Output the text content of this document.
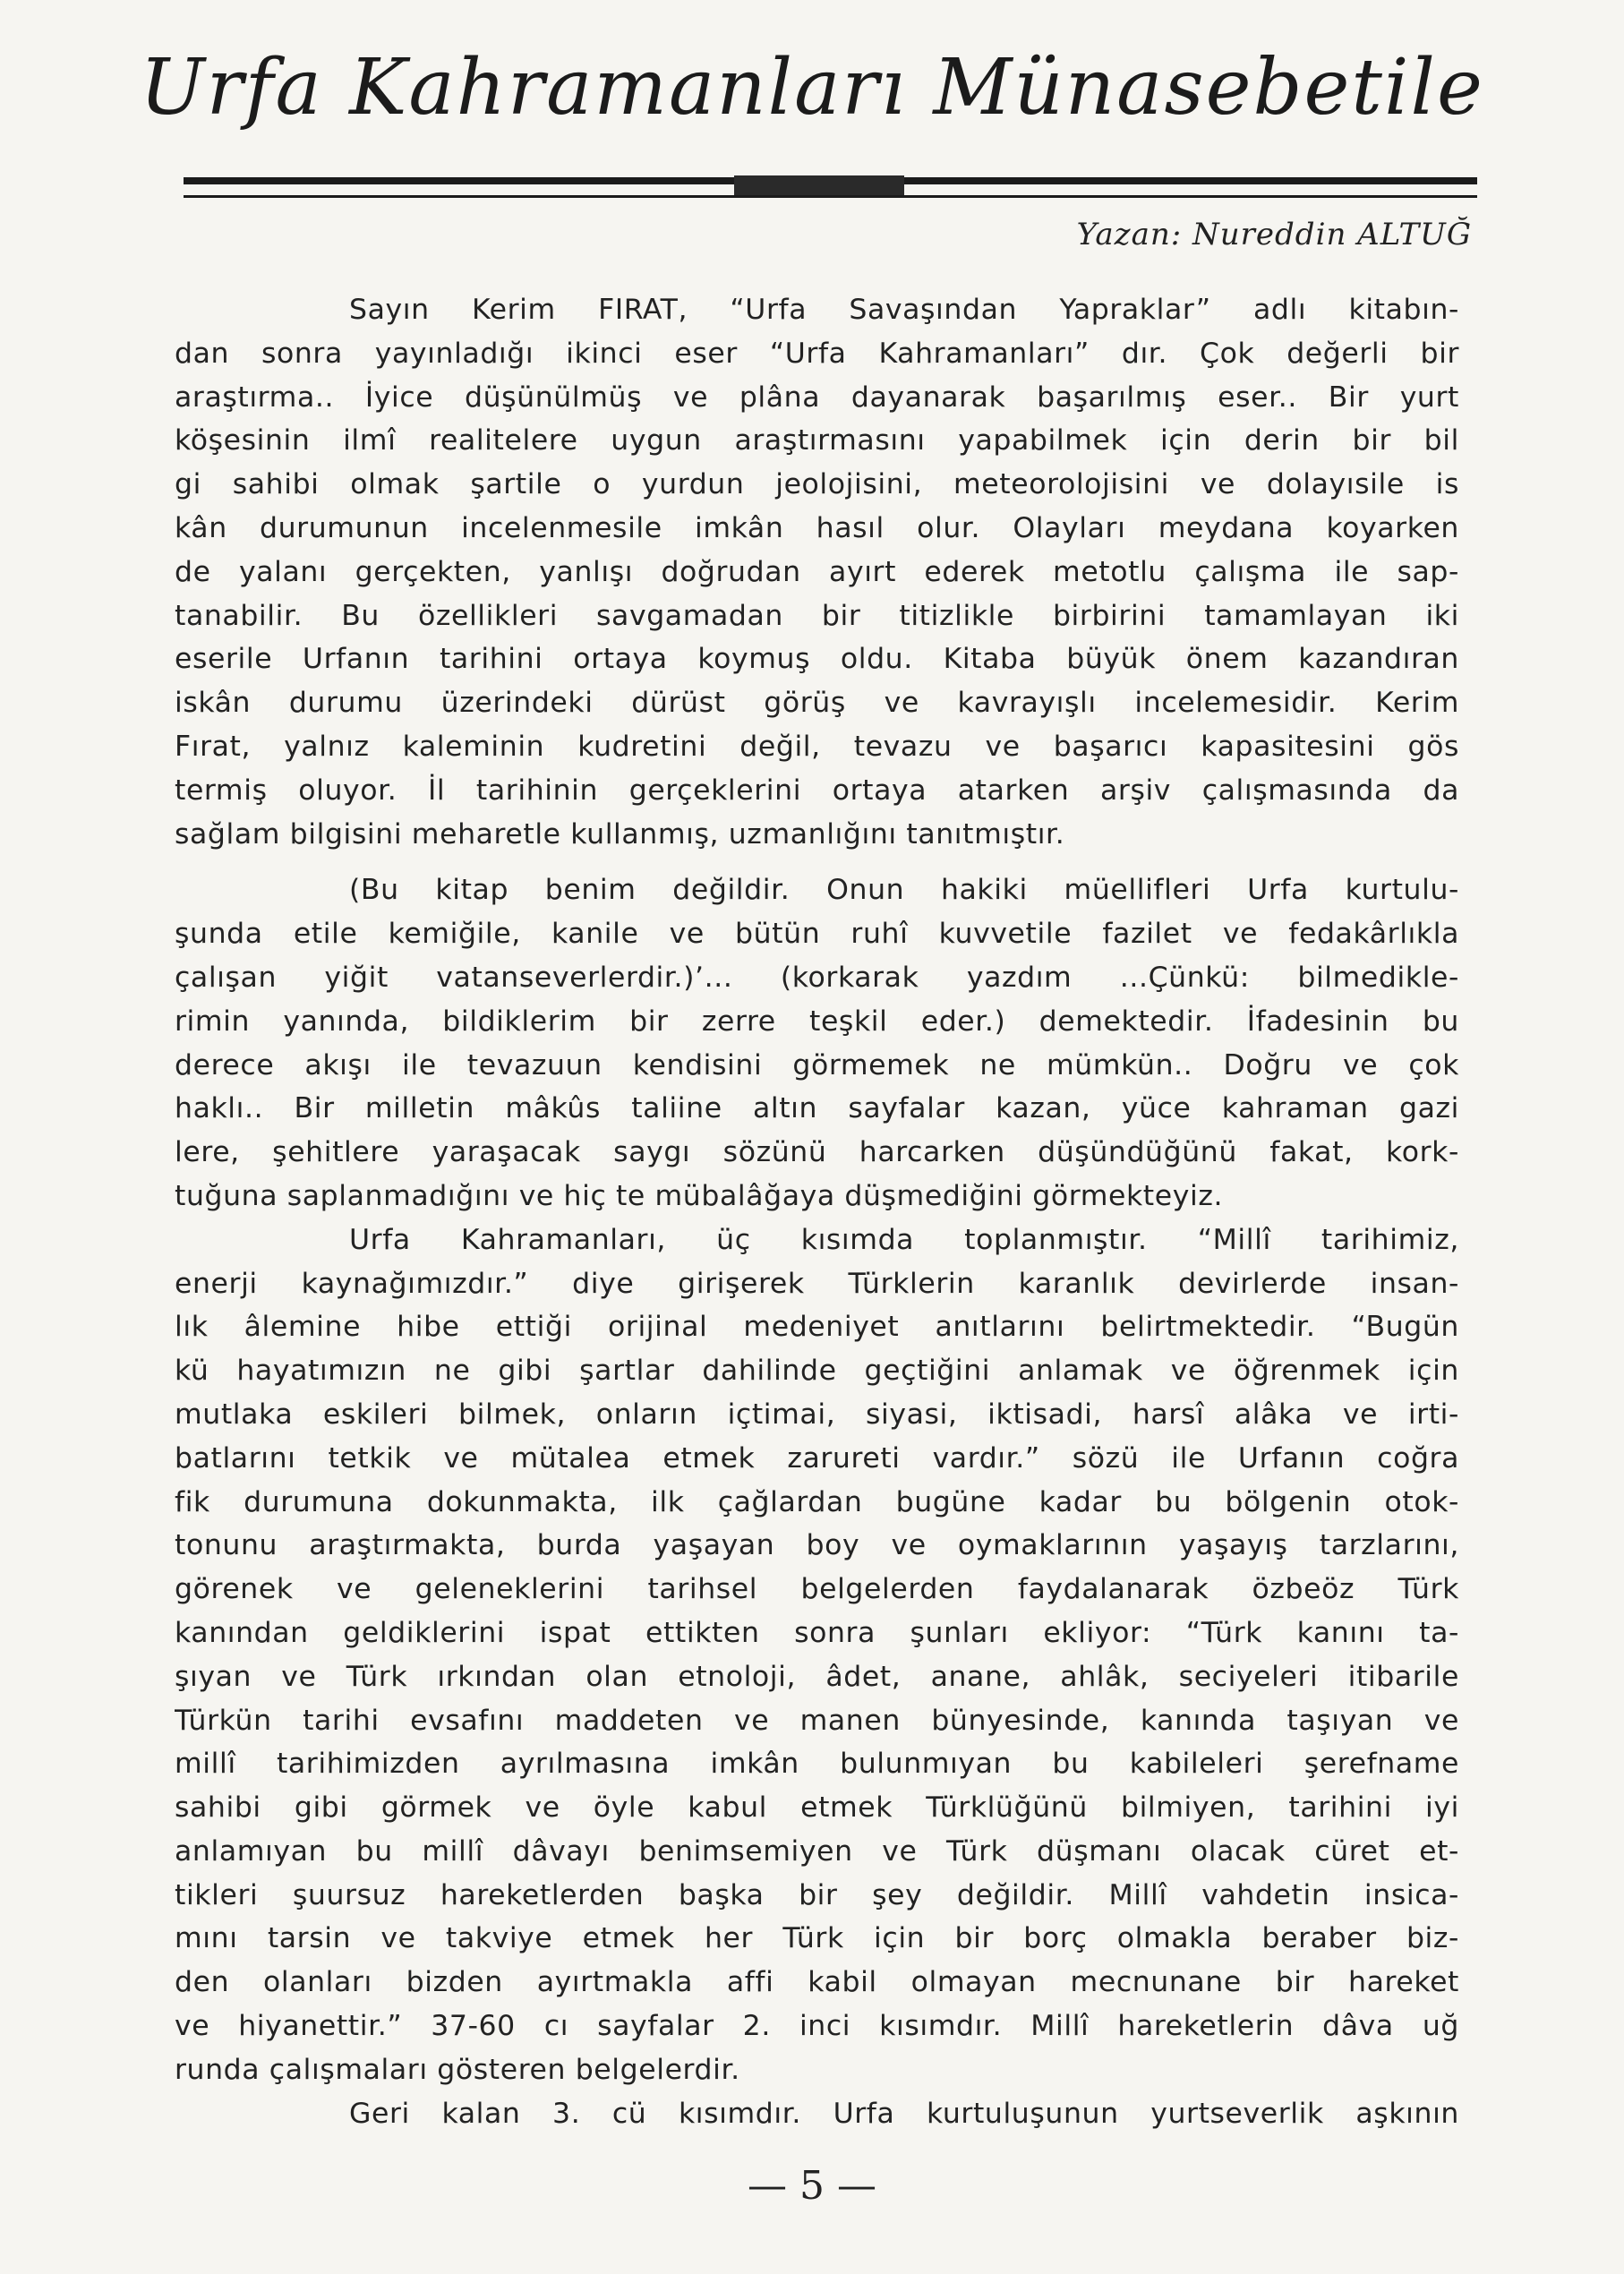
Urfa Kahramanları Münasebetile
Yazan: Nureddin ALTUĞ
Sayın Kerim FIRAT, “Urfa Savaşından Yapraklar” adlı kitabın-
dan sonra yayınladığı ikinci eser “Urfa Kahramanları” dır. Çok değerli bir
araştırma.. İyice düşünülmüş ve plâna dayanarak başarılmış eser.. Bir yurt
köşesinin ilmî realitelere uygun araştırmasını yapabilmek için derin bir bil
gi sahibi olmak şartile o yurdun jeolojisini, meteorolojisini ve dolayısile is
kân durumunun incelenmesile imkân hasıl olur. Olayları meydana koyarken
de yalanı gerçekten, yanlışı doğrudan ayırt ederek metotlu çalışma ile sap-
tanabilir. Bu özellikleri savgamadan bir titizlikle birbirini tamamlayan iki
eserile Urfanın tarihini ortaya koymuş oldu. Kitaba büyük önem kazandıran
iskân durumu üzerindeki dürüst görüş ve kavrayışlı incelemesidir. Kerim
Fırat, yalnız kaleminin kudretini değil, tevazu ve başarıcı kapasitesini gös
termiş oluyor. İl tarihinin gerçeklerini ortaya atarken arşiv çalışmasında da
sağlam bilgisini meharetle kullanmış, uzmanlığını tanıtmıştır.
(Bu kitap benim değildir. Onun hakiki müellifleri Urfa kurtulu-
şunda etile kemiğile, kanile ve bütün ruhî kuvvetile fazilet ve fedakârlıkla
çalışan yiğit vatanseverlerdir.)’... (korkarak yazdım ...Çünkü: bilmedikle-
rimin yanında, bildiklerim bir zerre teşkil eder.) demektedir. İfadesinin bu
derece akışı ile tevazuun kendisini görmemek ne mümkün.. Doğru ve çok
haklı.. Bir milletin mâkûs taliine altın sayfalar kazan, yüce kahraman gazi
lere, şehitlere yaraşacak saygı sözünü harcarken düşündüğünü fakat, kork-
tuğuna saplanmadığını ve hiç te mübalâğaya düşmediğini görmekteyiz.
Urfa Kahramanları, üç kısımda toplanmıştır. “Millî tarihimiz,
enerji kaynağımızdır.” diye girişerek Türklerin karanlık devirlerde insan-
lık âlemine hibe ettiği orijinal medeniyet anıtlarını belirtmektedir. “Bugün
kü hayatımızın ne gibi şartlar dahilinde geçtiğini anlamak ve öğrenmek için
mutlaka eskileri bilmek, onların içtimai, siyasi, iktisadi, harsî alâka ve irti-
batlarını tetkik ve mütalea etmek zarureti vardır.” sözü ile Urfanın coğra
fik durumuna dokunmakta, ilk çağlardan bugüne kadar bu bölgenin otok-
tonunu araştırmakta, burda yaşayan boy ve oymaklarının yaşayış tarzlarını,
görenek ve geleneklerini tarihsel belgelerden faydalanarak özbeöz Türk
kanından geldiklerini ispat ettikten sonra şunları ekliyor: “Türk kanını ta-
şıyan ve Türk ırkından olan etnoloji, âdet, anane, ahlâk, seciyeleri itibarile
Türkün tarihi evsafını maddeten ve manen bünyesinde, kanında taşıyan ve
millî tarihimizden ayrılmasına imkân bulunmıyan bu kabileleri şerefname
sahibi gibi görmek ve öyle kabul etmek Türklüğünü bilmiyen, tarihini iyi
anlamıyan bu millî dâvayı benimsemiyen ve Türk düşmanı olacak cüret et-
tikleri şuursuz hareketlerden başka bir şey değildir. Millî vahdetin insica-
mını tarsin ve takviye etmek her Türk için bir borç olmakla beraber biz-
den olanları bizden ayırtmakla affi kabil olmayan mecnunane bir hareket
ve hiyanettir.” 37-60 cı sayfalar 2. inci kısımdır. Millî hareketlerin dâva uğ
runda çalışmaları gösteren belgelerdir.
Geri kalan 3. cü kısımdır. Urfa kurtuluşunun yurtseverlik aşkının
— 5 —
